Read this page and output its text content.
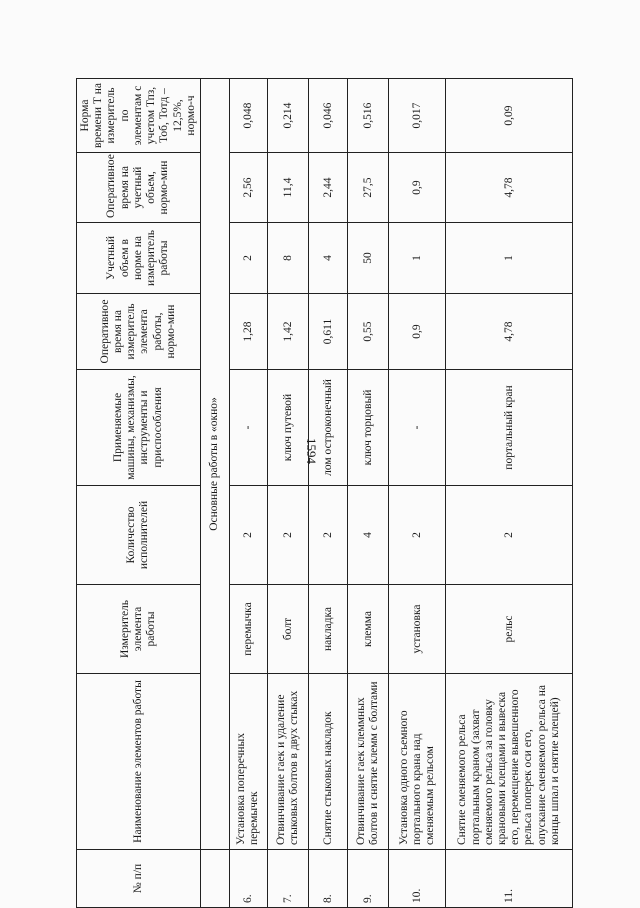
1594
№ п/п	Наименование элементов работы	Измеритель элемента работы	Количество исполнителей	Применяемые машины, механизмы, инструменты и приспособления	Оперативное время на измеритель элемента работы, нормо-мин	Учетный объем в норме на измеритель работы	Оперативное время на учетный объем, нормо-мин	Норма времени Т на измеритель по элементам с учетом Тпз, Тоб, Тотд – 12,5%, нормо-ч
	Основные работы в «окно»							
6.	Установка поперечных перемычек	перемычка	2	-	1,28	2	2,56	0,048
7.	Отвинчивание гаек и удаление стыковых болтов в двух стыках	болт	2	ключ путевой	1,42	8	11,4	0,214
8.	Снятие стыковых накладок	накладка	2	лом остроконечный	0,611	4	2,44	0,046
9.	Отвинчивание гаек клеммных болтов и снятие клемм с болтами	клемма	4	ключ торцовый	0,55	50	27,5	0,516
10.	Установка одного съемного портального крана над сменяемым рельсом	установка	2	-	0,9	1	0,9	0,017
11.	Снятие сменяемого рельса портальным краном (захват сменяемого рельса за головку крановыми клещами и вывеска его, перемещение вывешенного рельса поперек оси его, опускание сменяемого рельса на концы шпал и снятие клещей)	рельс	2	портальный кран	4,78	1	4,78	0,09
